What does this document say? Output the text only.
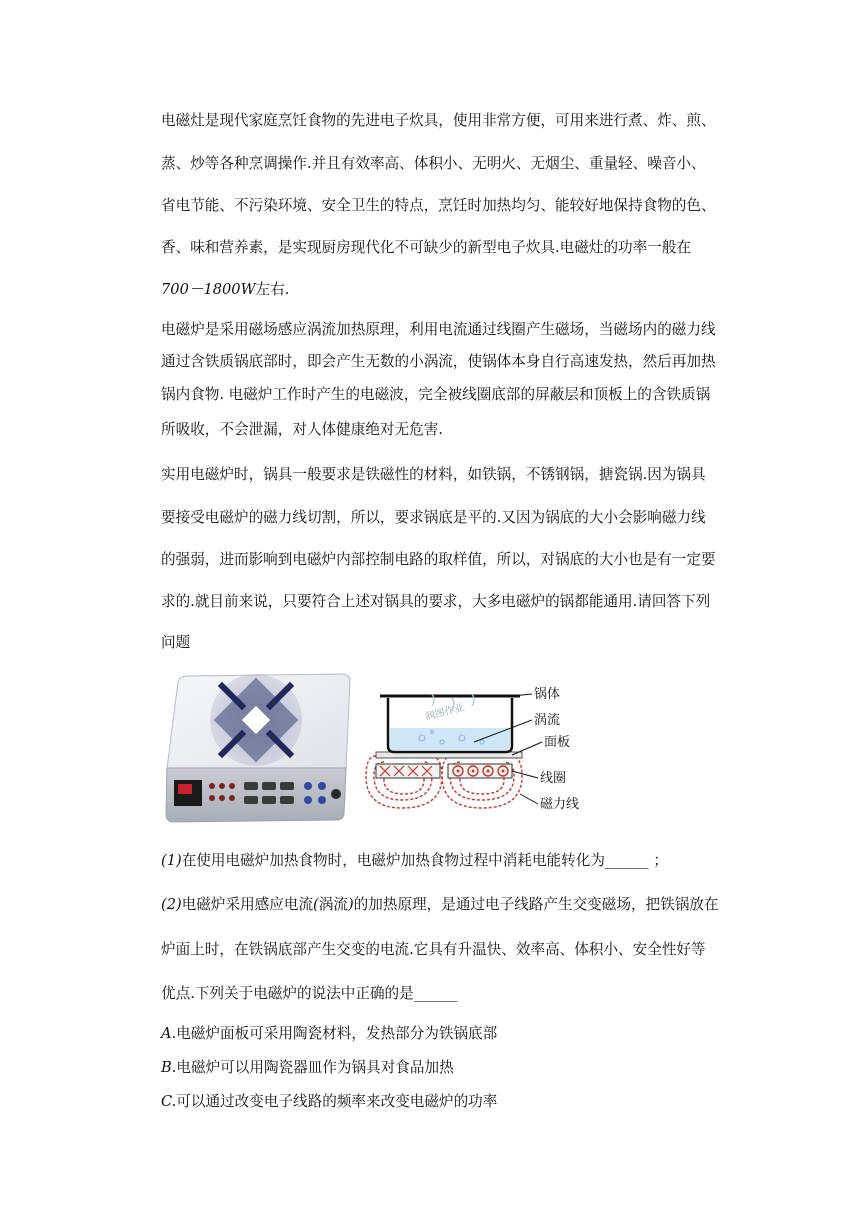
电磁灶是现代家庭烹饪食物的先进电子炊具，使用非常方便，可用来进行煮、炸、煎、
蒸、炒等各种烹调操作.并且有效率高、体积小、无明火、无烟尘、重量轻、噪音小、
省电节能、不污染环境、安全卫生的特点，烹饪时加热均匀、能较好地保持食物的色、
香、味和营养素，是实现厨房现代化不可缺少的新型电子炊具.电磁灶的功率一般在
700－1800W左右.
电磁炉是采用磁场感应涡流加热原理，利用电流通过线圈产生磁场，当磁场内的磁力线
通过含铁质锅底部时，即会产生无数的小涡流，使锅体本身自行高速发热，然后再加热
锅内食物. 电磁炉工作时产生的电磁波，完全被线圈底部的屏蔽层和顶板上的含铁质锅
所吸收，不会泄漏，对人体健康绝对无危害.
实用电磁炉时，锅具一般要求是铁磁性的材料，如铁锅，不锈钢锅，搪瓷锅.因为锅具
要接受电磁炉的磁力线切割，所以，要求锅底是平的.又因为锅底的大小会影响磁力线
的强弱，进而影响到电磁炉内部控制电路的取样值，所以，对锅底的大小也是有一定要
求的.就目前来说，只要符合上述对锅具的要求，大多电磁炉的锅都能通用.请回答下列
问题
润图作业
锅体
涡流
面板
线圈
磁力线
(1)在使用电磁炉加热食物时，电磁炉加热食物过程中消耗电能转化为______ ；
(2)电磁炉采用感应电流(涡流)的加热原理，是通过电子线路产生交变磁场，把铁锅放在
炉面上时，在铁锅底部产生交变的电流.它具有升温快、效率高、体积小、安全性好等
优点.下列关于电磁炉的说法中正确的是______
A.电磁炉面板可采用陶瓷材料，发热部分为铁锅底部
B.电磁炉可以用陶瓷器皿作为锅具对食品加热
C.可以通过改变电子线路的频率来改变电磁炉的功率
